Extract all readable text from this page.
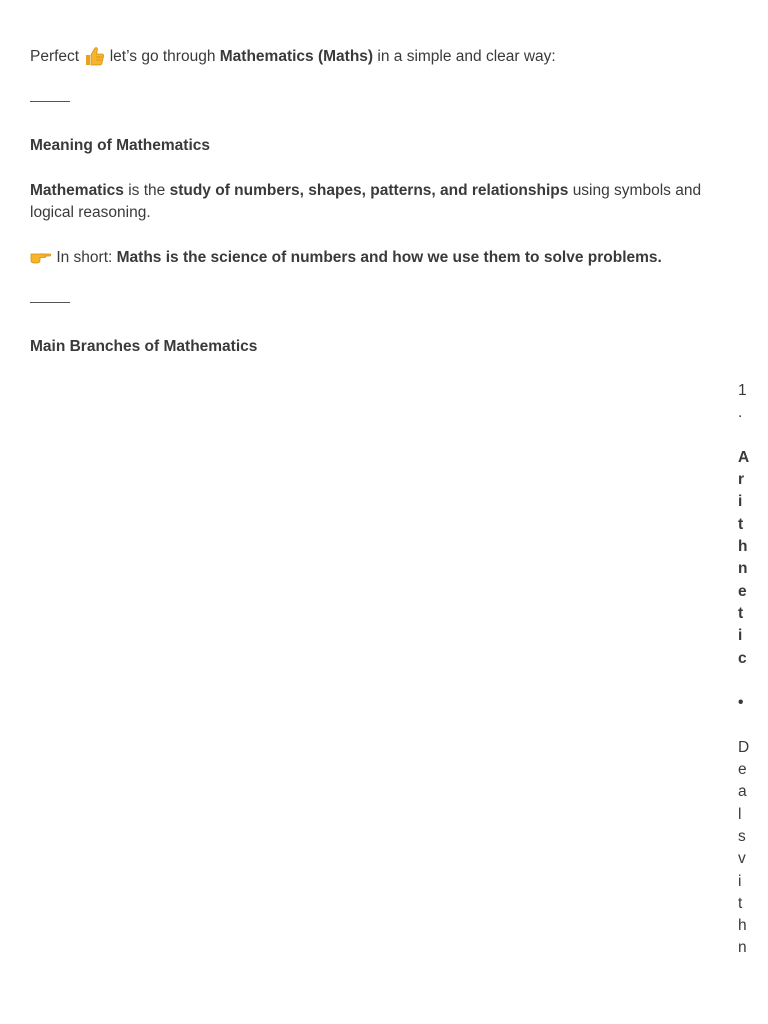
Perfect let’s go through Mathematics (Maths) in a simple and clear way:
Meaning of Mathematics
Mathematics is the study of numbers, shapes, patterns, and relationships using symbols and logical reasoning.
In short: Maths is the science of numbers and how we use them to solve problems.
Main Branches of Mathematics
1
.
A
r
i
t
h
n
e
t
i
c
•
D
e
a
l
s
v
i
t
h
n
